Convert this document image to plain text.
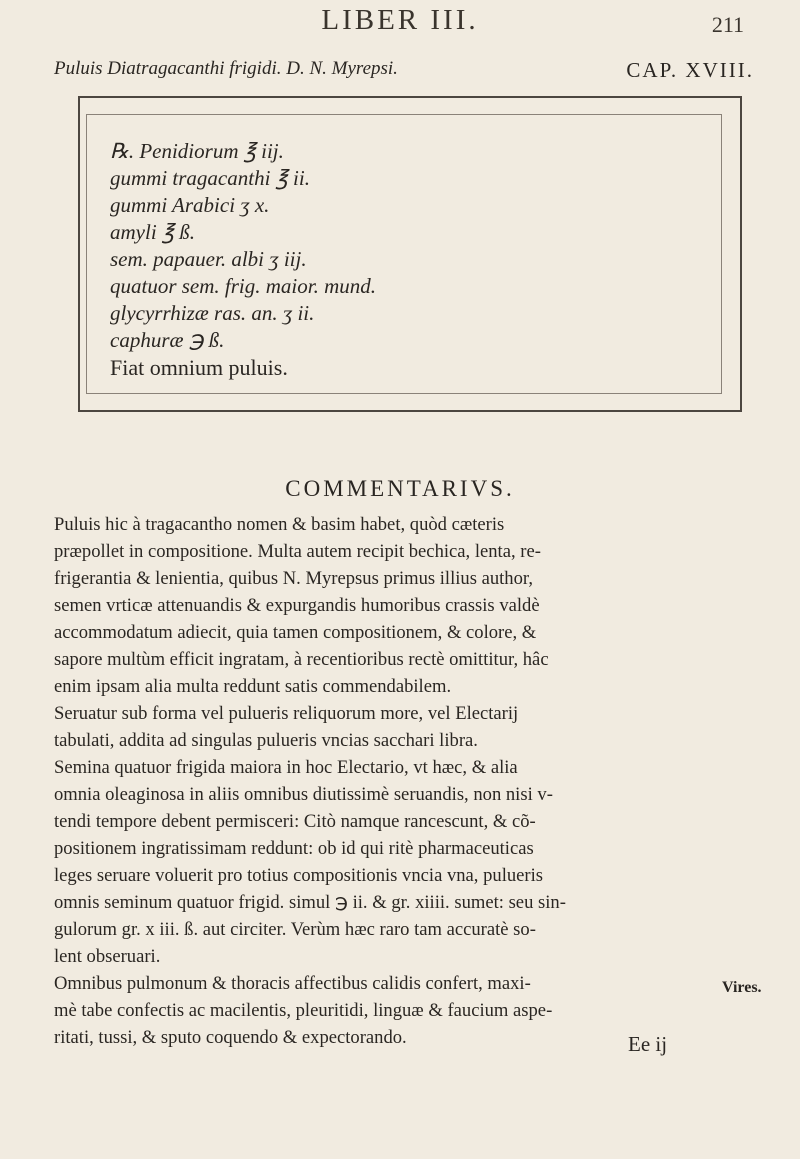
LIBER III.	211
Puluis Diatragacanthi frigidi. D. N. Myrepsi.	CAP. XVIII.
℞. Penidiorum ℥ iij.
gummi tragacanthi ℥ ii.
gummi Arabici ʒ x.
amyli ℥ ß.
sem. papauer. albi ʒ iij.
quatuor sem. frig. maior. mund.
glycyrrhizæ ras. an. ʒ ii.
caphuræ ℈ ß.
Fiat omnium puluis.
COMMENTARIVS.
Puluis hic à tragacantho nomen & basim habet, quòd cæteris
præpollet in compositione. Multa autem recipit bechica, lenta, re-
frigerantia & lenientia, quibus N. Myrepsus primus illius author,
semen vrticæ attenuandis & expurgandis humoribus crassis valdè
accommodatum adiecit, quia tamen compositionem, & colore, &
sapore multùm efficit ingratam, à recentioribus rectè omittitur, hâc
enim ipsam alia multa reddunt satis commendabilem.
Seruatur sub forma vel pulueris reliquorum more, vel Electarij
tabulati, addita ad singulas pulueris vncias sacchari libra.
Semina quatuor frigida maiora in hoc Electario, vt hæc, & alia
omnia oleaginosa in aliis omnibus diutissimè seruandis, non nisi v-
tendi tempore debent permisceri: Citò namque rancescunt, & cõ-
positionem ingratissimam reddunt: ob id qui ritè pharmaceuticas
leges seruare voluerit pro totius compositionis vncia vna, pulueris
omnis seminum quatuor frigid. simul ℈ ii. & gr. xiiii. sumet: seu sin-
gulorum gr. x iii. ß. aut circiter. Verùm hæc raro tam accuratè so-
lent obseruari.
Omnibus pulmonum & thoracis affectibus calidis confert, maxi-
mè tabe confectis ac macilentis, pleuritidi, linguæ & faucium aspe-
ritati, tussi, & sputo coquendo & expectorando.
Vires.
Ee ij
